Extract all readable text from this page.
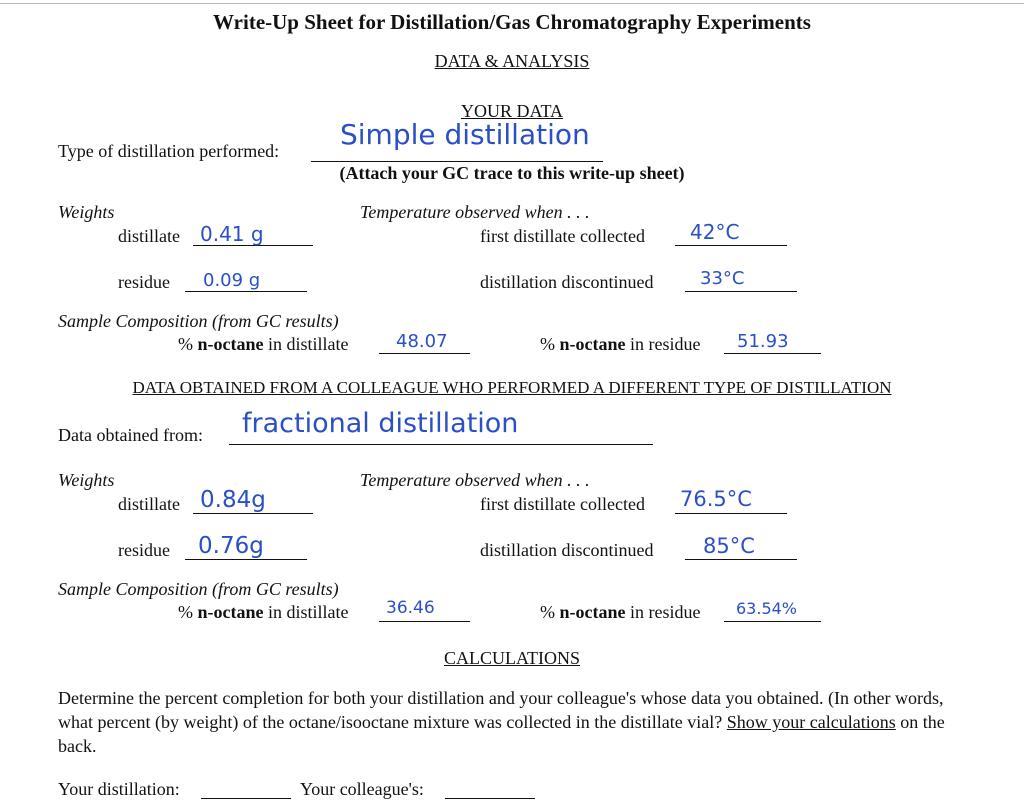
Write-Up Sheet for Distillation/Gas Chromatography Experiments
DATA & ANALYSIS
YOUR DATA
Type of distillation performed: Simple distillation
(Attach your GC trace to this write-up sheet)
Weights	Temperature observed when . . .
distillate 0.41 g	first distillate collected 42°C
residue 0.09 g	distillation discontinued	33°C
Sample Composition (from GC results)
% n-octane in distillate	48.07	% n-octane in residue 51.93
DATA OBTAINED FROM A COLLEAGUE WHO PERFORMED A DIFFERENT TYPE OF DISTILLATION
Data obtained from: fractional distillation
Weights	Temperature observed when . . .
distillate 0.84g	first distillate collected 76.5°C
residue 0.76g	distillation discontinued 85°C
Sample Composition (from GC results)
% n-octane in distillate 36.46	% n-octane in residue 63.54%
CALCULATIONS
Determine the percent completion for both your distillation and your colleague's whose data you obtained. (In other words, what percent (by weight) of the octane/isooctane mixture was collected in the distillate vial? Show your calculations on the back.
Your distillation:	Your colleague's:
